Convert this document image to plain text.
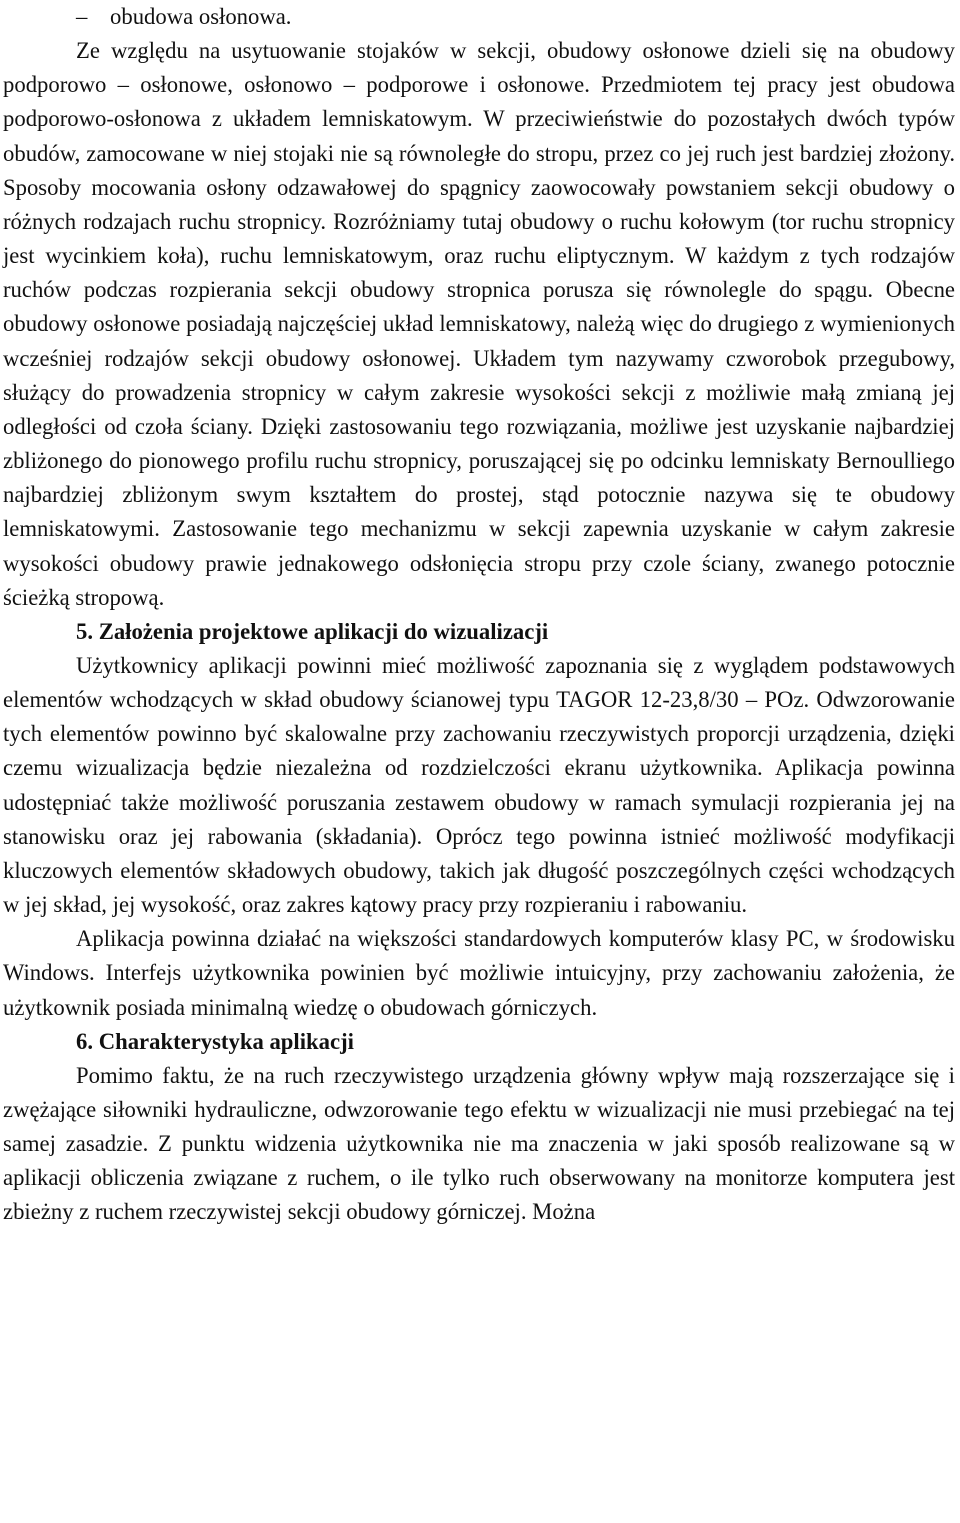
– obudowa osłonowa.

Ze względu na usytuowanie stojaków w sekcji, obudowy osłonowe dzieli się na obudowy podporowo – osłonowe, osłonowo – podporowe i osłonowe. Przedmiotem tej pracy jest obudowa podporowo-osłonowa z układem lemniskatowym. W przeciwieństwie do pozostałych dwóch typów obudów, zamocowane w niej stojaki nie są równoległe do stropu, przez co jej ruch jest bardziej złożony. Sposoby mocowania osłony odzawałowej do spągnicy zaowocowały powstaniem sekcji obudowy o różnych rodzajach ruchu stropnicy. Rozróżniamy tutaj obudowy o ruchu kołowym (tor ruchu stropnicy jest wycinkiem koła), ruchu lemniskatowym, oraz ruchu eliptycznym. W każdym z tych rodzajów ruchów podczas rozpierania sekcji obudowy stropnica porusza się równolegle do spągu. Obecne obudowy osłonowe posiadają najczęściej układ lemniskatowy, należą więc do drugiego z wymienionych wcześniej rodzajów sekcji obudowy osłonowej. Układem tym nazywamy czworobok przegubowy, służący do prowadzenia stropnicy w całym zakresie wysokości sekcji z możliwie małą zmianą jej odległości od czoła ściany. Dzięki zastosowaniu tego rozwiązania, możliwe jest uzyskanie najbardziej zbliżonego do pionowego profilu ruchu stropnicy, poruszającej się po odcinku lemniskaty Bernoulliego najbardziej zbliżonym swym kształtem do prostej, stąd potocznie nazywa się te obudowy lemniskatowymi. Zastosowanie tego mechanizmu w sekcji zapewnia uzyskanie w całym zakresie wysokości obudowy prawie jednakowego odsłonięcia stropu przy czole ściany, zwanego potocznie ścieżką stropową.

5. Założenia projektowe aplikacji do wizualizacji

Użytkownicy aplikacji powinni mieć możliwość zapoznania się z wyglądem podstawowych elementów wchodzących w skład obudowy ścianowej typu TAGOR 12-23,8/30 – POz. Odwzorowanie tych elementów powinno być skalowalne przy zachowaniu rzeczywistych proporcji urządzenia, dzięki czemu wizualizacja będzie niezależna od rozdzielczości ekranu użytkownika. Aplikacja powinna udostępniać także możliwość poruszania zestawem obudowy w ramach symulacji rozpierania jej na stanowisku oraz jej rabowania (składania). Oprócz tego powinna istnieć możliwość modyfikacji kluczowych elementów składowych obudowy, takich jak długość poszczególnych części wchodzących w jej skład, jej wysokość, oraz zakres kątowy pracy przy rozpieraniu i rabowaniu.

Aplikacja powinna działać na większości standardowych komputerów klasy PC, w środowisku Windows. Interfejs użytkownika powinien być możliwie intuicyjny, przy zachowaniu założenia, że użytkownik posiada minimalną wiedzę o obudowach górniczych.

6. Charakterystyka aplikacji

Pomimo faktu, że na ruch rzeczywistego urządzenia główny wpływ mają rozszerzające się i zwężające siłowniki hydrauliczne, odwzorowanie tego efektu w wizualizacji nie musi przebiegać na tej samej zasadzie. Z punktu widzenia użytkownika nie ma znaczenia w jaki sposób realizowane są w aplikacji obliczenia związane z ruchem, o ile tylko ruch obserwowany na monitorze komputera jest zbieżny z ruchem rzeczywistej sekcji obudowy górniczej. Można
